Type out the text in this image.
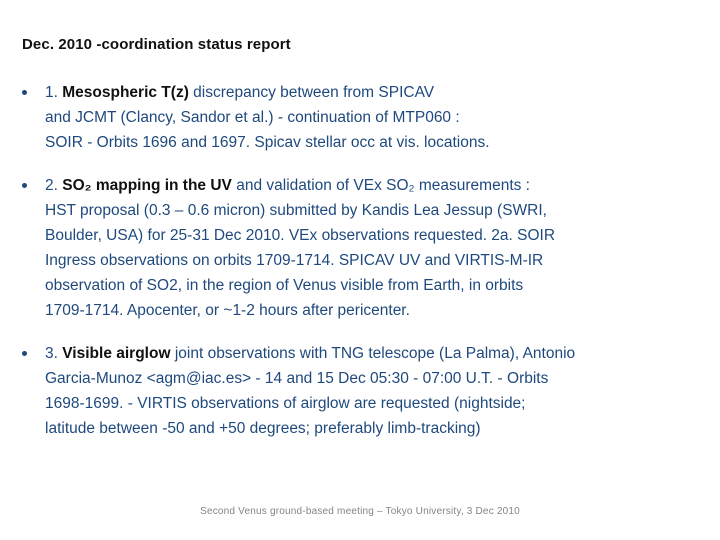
Dec. 2010 -coordination status report
1. Mesospheric T(z) discrepancy between from SPICAV
and JCMT (Clancy, Sandor et al.) - continuation of MTP060 :
SOIR - Orbits 1696 and 1697. Spicav stellar occ at vis. locations.
2. SO₂ mapping in the UV and validation of VEx SO₂ measurements :
HST proposal (0.3 – 0.6 micron) submitted by Kandis Lea Jessup (SWRI,
Boulder, USA) for 25-31 Dec 2010. VEx observations requested. 2a. SOIR
Ingress observations on orbits 1709-1714. SPICAV UV and VIRTIS-M-IR
observation of SO2, in the region of Venus visible from Earth, in orbits
1709-1714. Apocenter, or ~1-2 hours after pericenter.
3. Visible airglow joint observations with TNG telescope (La Palma), Antonio
Garcia-Munoz <agm@iac.es> - 14 and 15 Dec 05:30 - 07:00 U.T. - Orbits
1698-1699. - VIRTIS observations of airglow are requested (nightside;
latitude between -50 and +50 degrees; preferably limb-tracking)
Second Venus ground-based meeting – Tokyo University, 3 Dec 2010
